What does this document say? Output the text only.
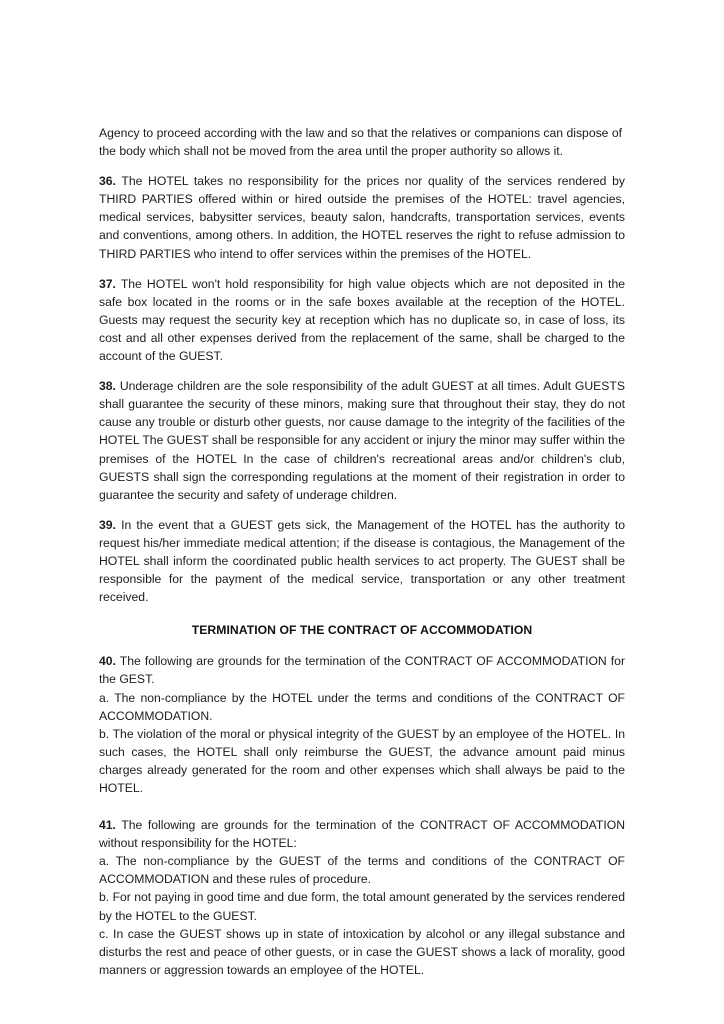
Agency to proceed according with the law and so that the relatives or companions can dispose of the body which shall not be moved from the area until the proper authority so allows it.

36. The HOTEL takes no responsibility for the prices nor quality of the services rendered by THIRD PARTIES offered within or hired outside the premises of the HOTEL: travel agencies, medical services, babysitter services, beauty salon, handcrafts, transportation services, events and conventions, among others. In addition, the HOTEL reserves the right to refuse admission to THIRD PARTIES who intend to offer services within the premises of the HOTEL.

37. The HOTEL won't hold responsibility for high value objects which are not deposited in the safe box located in the rooms or in the safe boxes available at the reception of the HOTEL. Guests may request the security key at reception which has no duplicate so, in case of loss, its cost and all other expenses derived from the replacement of the same, shall be charged to the account of the GUEST.

38. Underage children are the sole responsibility of the adult GUEST at all times. Adult GUESTS shall guarantee the security of these minors, making sure that throughout their stay, they do not cause any trouble or disturb other guests, nor cause damage to the integrity of the facilities of the HOTEL The GUEST shall be responsible for any accident or injury the minor may suffer within the premises of the HOTEL In the case of children's recreational areas and/or children's club, GUESTS shall sign the corresponding regulations at the moment of their registration in order to guarantee the security and safety of underage children.

39. In the event that a GUEST gets sick, the Management of the HOTEL has the authority to request his/her immediate medical attention; if the disease is contagious, the Management of the HOTEL shall inform the coordinated public health services to act property. The GUEST shall be responsible for the payment of the medical service, transportation or any other treatment received.

TERMINATION OF THE CONTRACT OF ACCOMMODATION

40. The following are grounds for the termination of the CONTRACT OF ACCOMMODATION for the GEST.

a. The non-compliance by the HOTEL under the terms and conditions of the CONTRACT OF ACCOMMODATION.

b. The violation of the moral or physical integrity of the GUEST by an employee of the HOTEL. In such cases, the HOTEL shall only reimburse the GUEST, the advance amount paid minus charges already generated for the room and other expenses which shall always be paid to the HOTEL.

41. The following are grounds for the termination of the CONTRACT OF ACCOMMODATION without responsibility for the HOTEL:

a. The non-compliance by the GUEST of the terms and conditions of the CONTRACT OF ACCOMMODATION and these rules of procedure.

b. For not paying in good time and due form, the total amount generated by the services rendered by the HOTEL to the GUEST.

c. In case the GUEST shows up in state of intoxication by alcohol or any illegal substance and disturbs the rest and peace of other guests, or in case the GUEST shows a lack of morality, good manners or aggression towards an employee of the HOTEL.
